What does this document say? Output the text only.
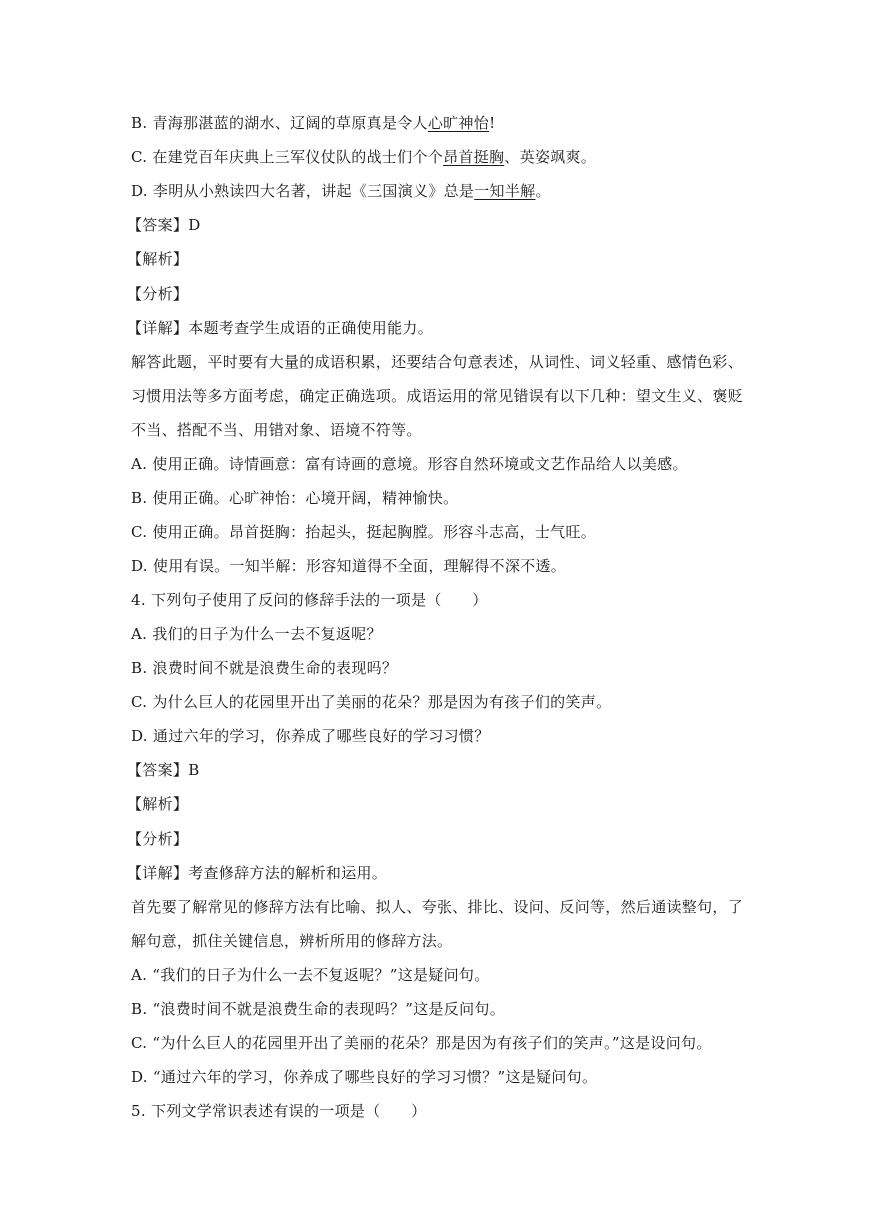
B. 青海那湛蓝的湖水、辽阔的草原真是令人心旷神怡!
C. 在建党百年庆典上三军仪仗队的战士们个个昂首挺胸、英姿飒爽。
D. 李明从小熟读四大名著，讲起《三国演义》总是一知半解。
【答案】D
【解析】
【分析】
【详解】本题考查学生成语的正确使用能力。
解答此题，平时要有大量的成语积累，还要结合句意表述，从词性、词义轻重、感情色彩、
习惯用法等多方面考虑，确定正确选项。成语运用的常见错误有以下几种：望文生义、褒贬
不当、搭配不当、用错对象、语境不符等。
A. 使用正确。诗情画意：富有诗画的意境。形容自然环境或文艺作品给人以美感。
B. 使用正确。心旷神怡：心境开阔，精神愉快。
C. 使用正确。昂首挺胸：抬起头，挺起胸膛。形容斗志高，士气旺。
D. 使用有误。一知半解：形容知道得不全面，理解得不深不透。
4. 下列句子使用了反问的修辞手法的一项是（　　）
A. 我们的日子为什么一去不复返呢？
B. 浪费时间不就是浪费生命的表现吗？
C. 为什么巨人的花园里开出了美丽的花朵？那是因为有孩子们的笑声。
D. 通过六年的学习，你养成了哪些良好的学习习惯？
【答案】B
【解析】
【分析】
【详解】考查修辞方法的解析和运用。
首先要了解常见的修辞方法有比喻、拟人、夸张、排比、设问、反问等，然后通读整句，了
解句意，抓住关键信息，辨析所用的修辞方法。
A. “我们的日子为什么一去不复返呢？”这是疑问句。
B. “浪费时间不就是浪费生命的表现吗？”这是反问句。
C. “为什么巨人的花园里开出了美丽的花朵？那是因为有孩子们的笑声。”这是设问句。
D. “通过六年的学习，你养成了哪些良好的学习习惯？”这是疑问句。
5. 下列文学常识表述有误的一项是（　　）
